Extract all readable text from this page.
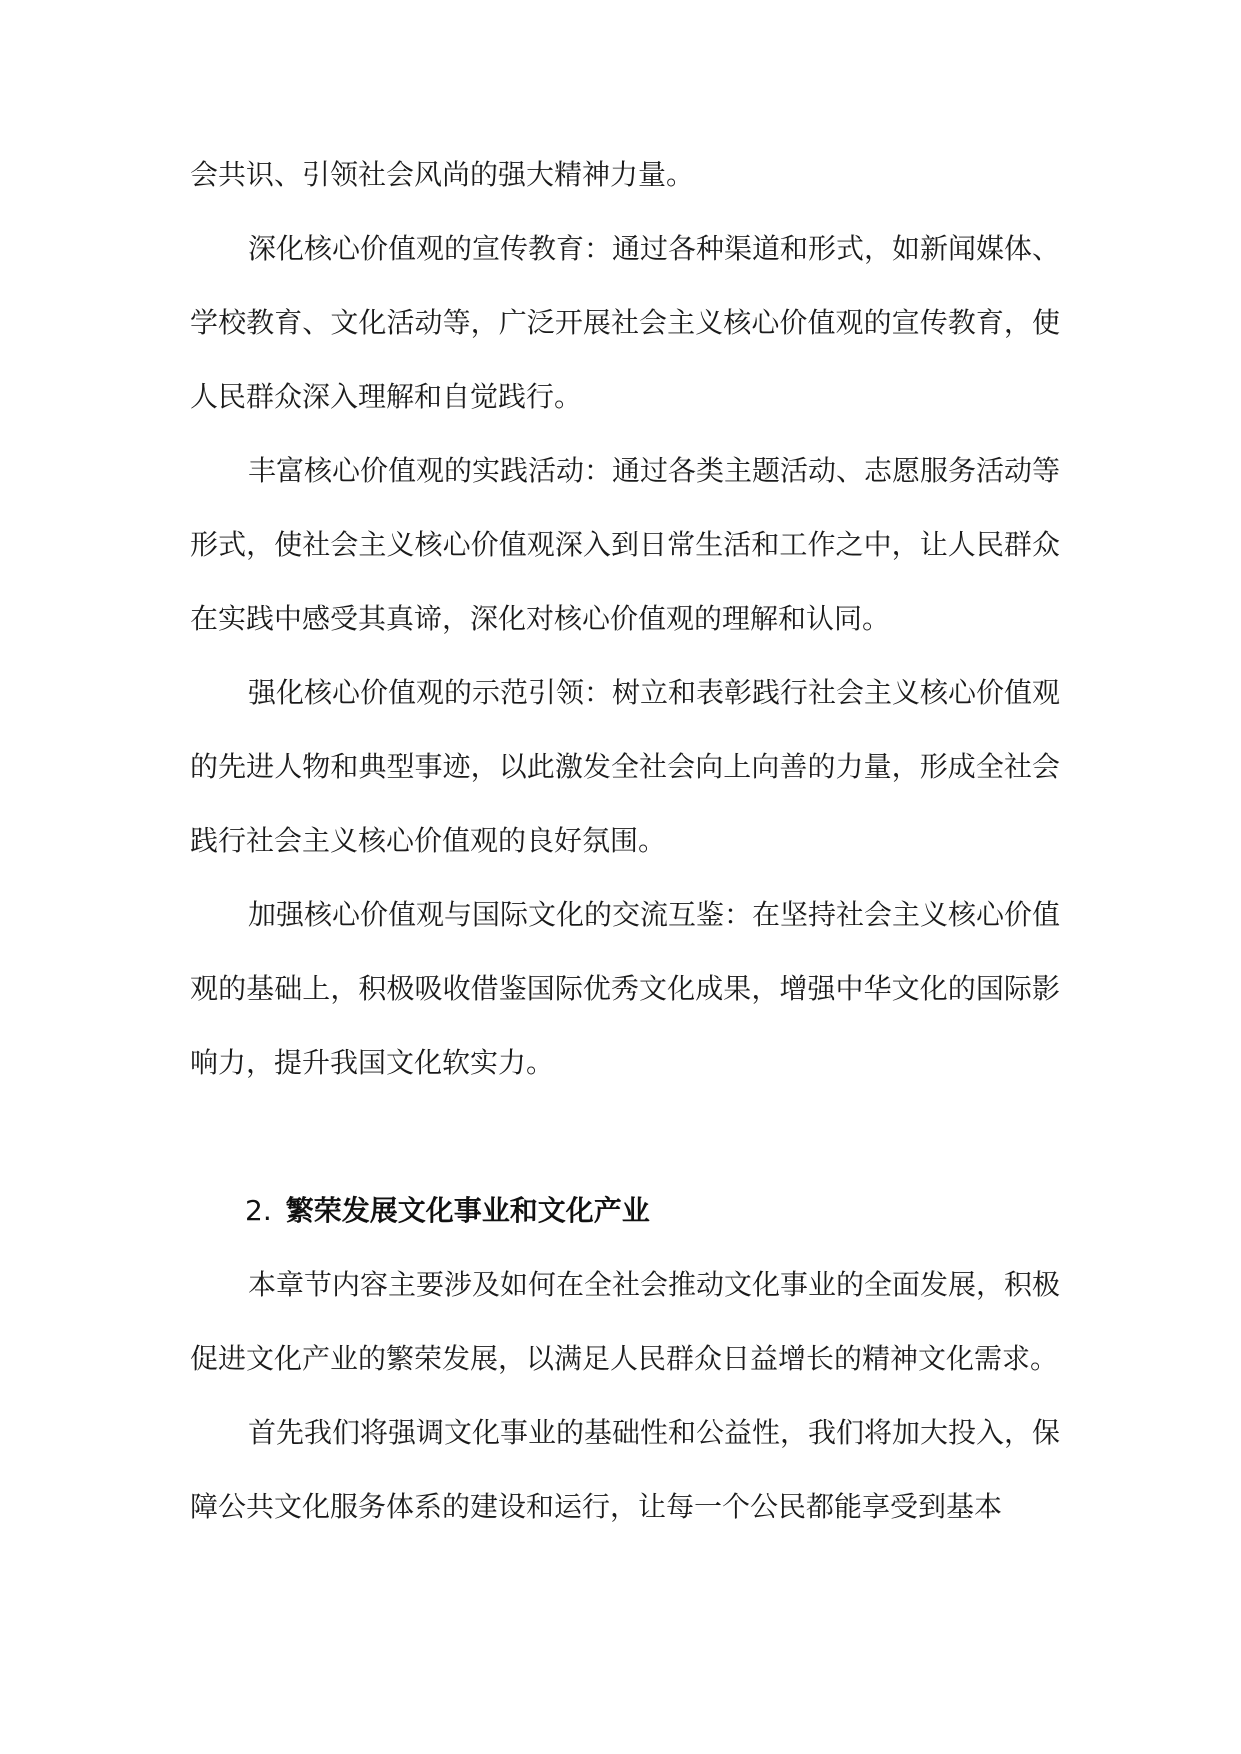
会共识、引领社会风尚的强大精神力量。

深化核心价值观的宣传教育：通过各种渠道和形式，如新闻媒体、学校教育、文化活动等，广泛开展社会主义核心价值观的宣传教育，使人民群众深入理解和自觉践行。

丰富核心价值观的实践活动：通过各类主题活动、志愿服务活动等形式，使社会主义核心价值观深入到日常生活和工作之中，让人民群众在实践中感受其真谛，深化对核心价值观的理解和认同。

强化核心价值观的示范引领：树立和表彰践行社会主义核心价值观的先进人物和典型事迹，以此激发全社会向上向善的力量，形成全社会践行社会主义核心价值观的良好氛围。

加强核心价值观与国际文化的交流互鉴：在坚持社会主义核心价值观的基础上，积极吸收借鉴国际优秀文化成果，增强中华文化的国际影响力，提升我国文化软实力。

2. 繁荣发展文化事业和文化产业

本章节内容主要涉及如何在全社会推动文化事业的全面发展，积极促进文化产业的繁荣发展，以满足人民群众日益增长的精神文化需求。

首先我们将强调文化事业的基础性和公益性，我们将加大投入，保障公共文化服务体系的建设和运行，让每一个公民都能享受到基本
